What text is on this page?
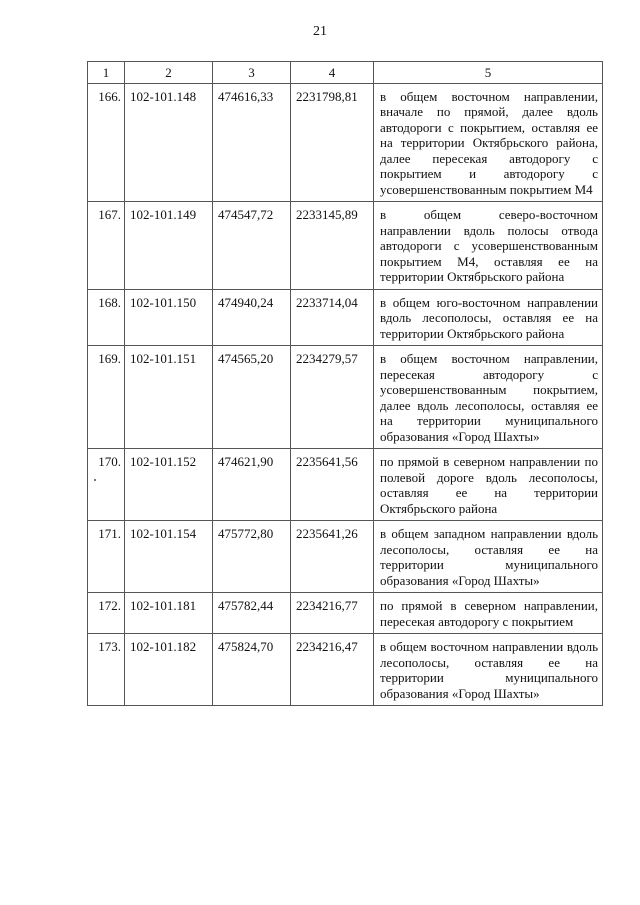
21
1	2	3	4	5
166.	102-101.148	474616,33	2231798,81	в общем восточном направлении, вначале по прямой, далее вдоль автодороги с покрытием, оставляя ее на территории Октябрьского района, далее пересекая автодорогу с покрытием и автодорогу с усовершенствованным покрытием М4
167.	102-101.149	474547,72	2233145,89	в общем северо-восточном направлении вдоль полосы отвода автодороги с усовершенствованным покрытием М4, оставляя ее на территории Октябрьского района
168.	102-101.150	474940,24	2233714,04	в общем юго-восточном направлении вдоль лесополосы, оставляя ее на территории Октябрьского района
169.	102-101.151	474565,20	2234279,57	в общем восточном направлении, пересекая автодорогу с усовершенствованным покрытием, далее вдоль лесополосы, оставляя ее на территории муниципального образования «Город Шахты»
170.	102-101.152	474621,90	2235641,56	по прямой в северном направлении по полевой дороге вдоль лесополосы, оставляя ее на территории Октябрьского района
171.	102-101.154	475772,80	2235641,26	в общем западном направлении вдоль лесополосы, оставляя ее на территории муниципального образования «Город Шахты»
172.	102-101.181	475782,44	2234216,77	по прямой в северном направлении, пересекая автодорогу с покрытием
173.	102-101.182	475824,70	2234216,47	в общем восточном направлении вдоль лесополосы, оставляя ее на территории муниципального образования «Город Шахты»
